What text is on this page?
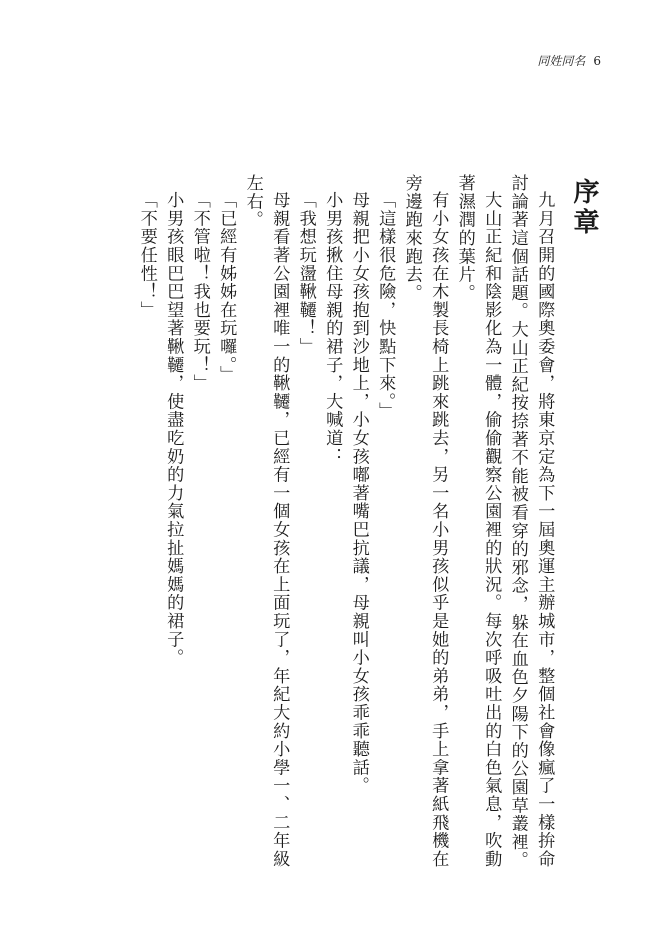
同姓同名 6
序章
九月召開的國際奧委會，將東京定為下一屆奧運主辦城市，整個社會像瘋了一樣拚命
討論著這個話題。大山正紀按捺著不能被看穿的邪念，躲在血色夕陽下的公園草叢裡。
大山正紀和陰影化為一體，偷偷觀察公園裡的狀況。每次呼吸吐出的白色氣息，吹動
著濕潤的葉片。
有小女孩在木製長椅上跳來跳去，另一名小男孩似乎是她的弟弟，手上拿著紙飛機在
旁邊跑來跑去。
「這樣很危險，快點下來。」
母親把小女孩抱到沙地上，小女孩嘟著嘴巴抗議，母親叫小女孩乖乖聽話。
小男孩揪住母親的裙子，大喊道：
「我想玩盪鞦韆！」
母親看著公園裡唯一的鞦韆，已經有一個女孩在上面玩了，年紀大約小學一、二年級
左右。
「已經有姊姊在玩囉。」
「不管啦！我也要玩！」
小男孩眼巴巴望著鞦韆，使盡吃奶的力氣拉扯媽媽的裙子。
「不要任性！」
